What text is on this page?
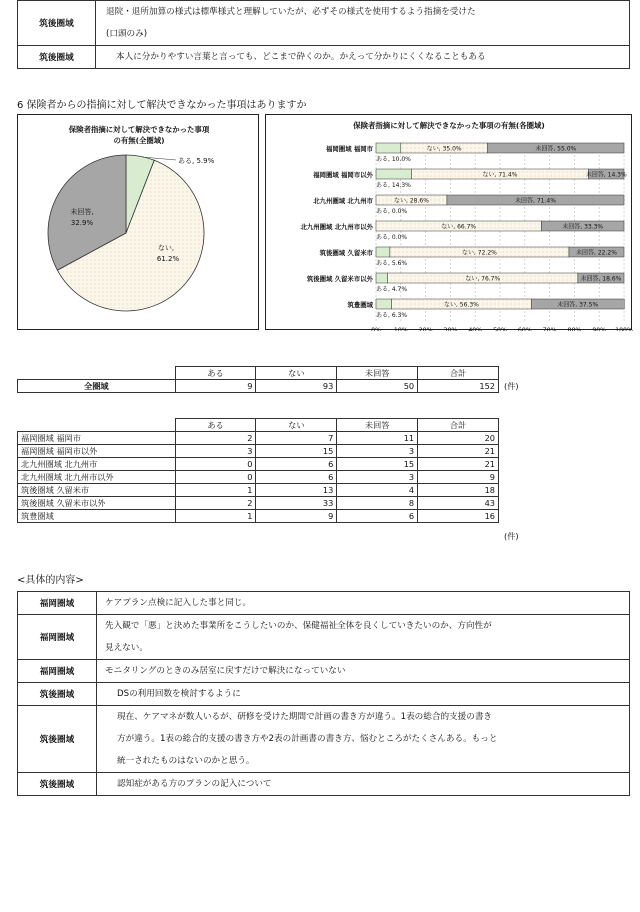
筑後圏域	退院・退所加算の様式は標準様式と理解していたが、必ずその様式を使用するよう指摘を受けた
(口頭のみ)

筑後圏域	本人に分かりやすい言葉と言っても、どこまで砕くのか。かえって分かりにくくなることもある
6 保険者からの指摘に対して解決できなかった事項はありますか
保険者指摘に対して解決できなかった事項
の有無(全圏域)
ある, 5.9%
ない,
61.2%
未回答,
32.9%
保険者指摘に対して解決できなかった事項の有無(各圏域)
福岡圏域 福岡市
ある, 10.0%
ない, 35.0%	未回答, 55.0%
福岡圏域 福岡市以外
ある, 14.3%
ない, 71.4%	未回答, 14.3%
北九州圏域 北九州市
ある, 0.0%
ない, 28.6%	未回答, 71.4%
北九州圏域 北九州市以外
ある, 0.0%
ない, 66.7%	未回答, 33.3%
筑後圏域 久留米市
ある, 5.6%
ない, 72.2%	未回答, 22.2%
筑後圏域 久留米市以外
ある, 4.7%
ない, 76.7%	未回答, 18.6%
筑豊圏域
ある, 6.3%
ない, 56.3%	未回答, 37.5%
0% 10% 20% 30% 40% 50% 60% 70% 80% 90% 100%
	ある	ない	未回答	合計
全圏域	9	93	50	152 (件)
	ある	ない	未回答	合計
福岡圏域 福岡市	2	7	11	20
福岡圏域 福岡市以外	3	15	3	21
北九州圏域 北九州市	0	6	15	21
北九州圏域 北九州市以外	0	6	3	9
筑後圏域 久留米市	1	13	4	18
筑後圏域 久留米市以外	2	33	8	43
筑豊圏域	1	9	6	16
(件)
<具体的内容>
福岡圏域	ケアプラン点検に記入した事と同じ。

福岡圏域	先入観で「悪」と決めた事業所をこうしたいのか、保健福祉全体を良くしていきたいのか、方向性が
見えない。

福岡圏域	モニタリングのときのみ居室に戻すだけで解決になっていない

筑後圏域	DSの利用回数を検討するように

筑後圏域	現在、ケアマネが数人いるが、研修を受けた期間で計画の書き方が違う。1表の総合的支援の書き
方が違う。1表の総合的支援の書き方や2表の計画書の書き方、悩むところがたくさんある。もっと
統一されたものはないのかと思う。

筑後圏域	認知症がある方のプランの記入について
